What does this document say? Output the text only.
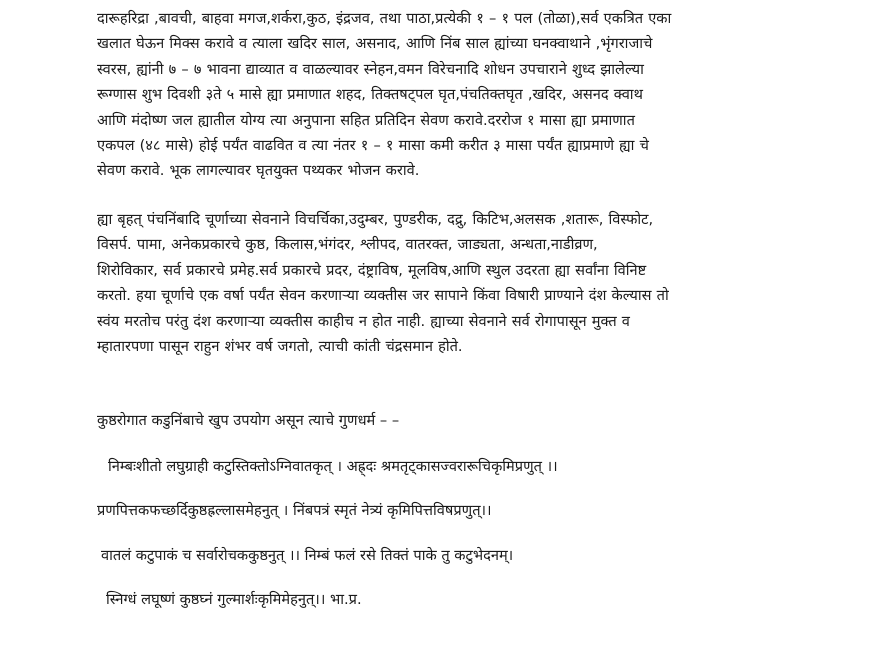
दारूहरिद्रा ,बावची, बाहवा मगज,शर्करा,कुठ, इंद्रजव, तथा पाठा,प्रत्येकी १ – १ पल (तोळा),सर्व एकत्रित एका
खलात घेऊन मिक्स करावे व त्याला खदिर साल, असनाद, आणि निंब साल ह्यांच्या घनक्वाथाने ,भृंगराजाचे
स्वरस, ह्यांनी ७ – ७ भावना द्याव्यात व वाळल्यावर स्नेहन,वमन विरेचनादि शोधन उपचाराने शुध्द झालेल्या
रूग्णास शुभ दिवशी ३ते ५ मासे ह्या प्रमाणात शहद, तिक्तषट्पल घृत,पंचतिक्तघृत ,खदिर, असनद क्वाथ
आणि मंदोष्ण जल ह्यातील योग्य त्या अनुपाना सहित प्रतिदिन सेवण करावे.दररोज १ मासा ह्या प्रमाणात
एकपल (४८ मासे) होई पर्यंत वाढवित व त्या नंतर १ – १ मासा कमी करीत ३ मासा पर्यंत ह्याप्रमाणे ह्या चे
सेवण करावे. भूक लागल्यावर घृतयुक्त पथ्यकर भोजन करावे.

ह्या बृहत् पंचनिंबादि चूर्णाच्या सेवनाने विचर्चिका,उदुम्बर, पुण्डरीक, दद्रु, किटिभ,अलसक ,शतारू, विस्फोट,
विसर्प. पामा, अनेकप्रकारचे कुष्ठ, किलास,भंगंदर, श्लीपद, वातरक्त, जाड्यता, अन्धता,नाडीव्रण,
शिरोविकार, सर्व प्रकारचे प्रमेह.सर्व प्रकारचे प्रदर, दंष्ट्राविष, मूलविष,आणि स्थुल उदरता ह्या सर्वांना विनिष्ट
करतो. हया चूर्णाचे एक वर्षा पर्यंत सेवन करणाऱ्या व्यक्तीस जर सापाने किंवा विषारी प्राण्याने दंश केल्यास तो
स्वंय मरतोच परंतु दंश करणाऱ्या व्यक्तीस काहीच न होत नाही. ह्याच्या सेवनाने सर्व रोगापासून मुक्त व
म्हातारपणा पासून राहुन शंभर वर्ष जगतो, त्याची कांती चंद्रसमान होते.

कुष्ठरोगात कडुनिंबाचे खुप उपयोग असून त्याचे गुणधर्म – –

निम्बःशीतो लघुग्राही कटुस्तिक्तोऽग्निवातकृत् । अह्र्दः श्रमतृट्कासज्वरारूचिकृमिप्रणुत् ।।

प्रणपित्तकफच्छर्दिकुष्ठह्रल्लासमेहनुत् । निंबपत्रं स्मृतं नेत्र्यं कृमिपित्तविषप्रणुत्।।

वातलं कटुपाकं च सर्वारोचककुष्ठनुत् ।। निम्बं फलं रसे तिक्तं पाके तु कटुभेदनम्।

स्निग्धं लघूष्णं कुष्ठघ्नं गुल्मार्शःकृमिमेहनुत्।। भा.प्र.
